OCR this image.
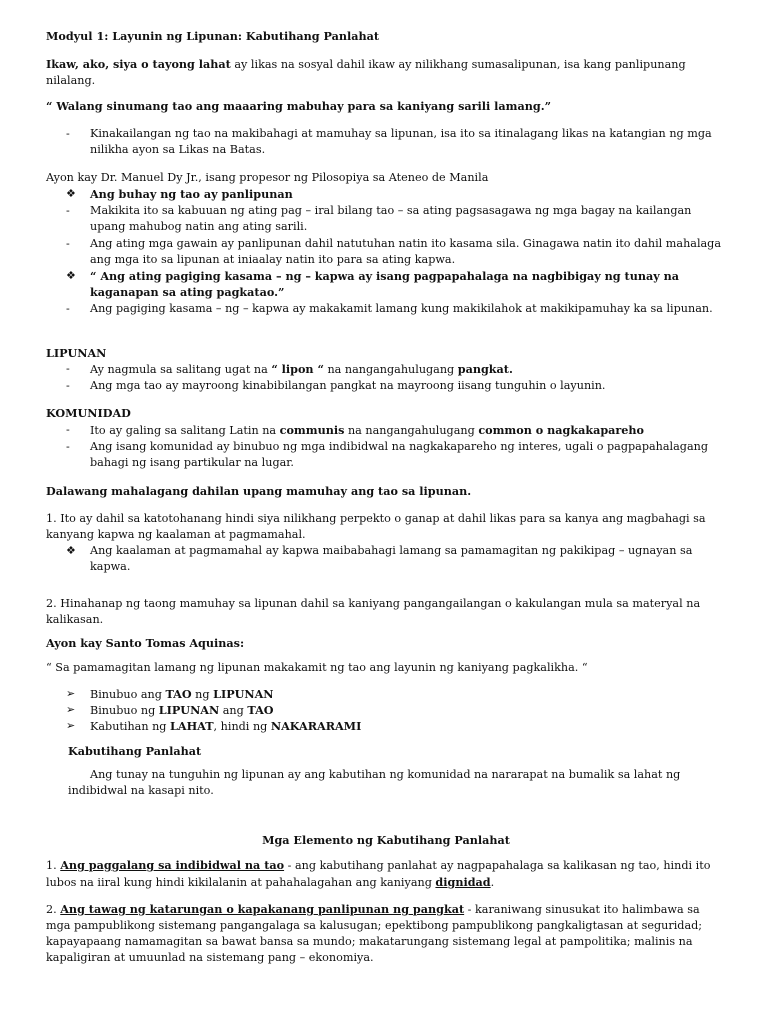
Modyul 1: Layunin ng Lipunan: Kabutihang Panlahat

Ikaw, ako, siya o tayong lahat ay likas na sosyal dahil ikaw ay nilikhang sumasalipunan, isa kang panlipunang nilalang.

“ Walang sinumang tao ang maaaring mabuhay para sa kaniyang sarili lamang.”

-	Kinakailangan ng tao na makibahagi at mamuhay sa lipunan, isa ito sa itinalagang likas na katangian ng mga nilikha ayon sa Likas na Batas.

Ayon kay Dr. Manuel Dy Jr., isang propesor ng Pilosopiya sa Ateneo de Manila

❖	Ang buhay ng tao ay panlipunan
-	Makikita ito sa kabuuan ng ating pag – iral bilang tao – sa ating pagsasagawa ng mga bagay na kailangan upang mahubog natin ang ating sarili.
-	Ang ating mga gawain ay panlipunan dahil natutuhan natin ito kasama sila. Ginagawa natin ito dahil mahalaga ang mga ito sa lipunan at iniaalay natin ito para sa ating kapwa.
❖	“ Ang ating pagiging kasama – ng – kapwa ay isang pagpapahalaga na nagbibigay ng tunay na kaganapan sa ating pagkatao.”
-	Ang pagiging kasama – ng – kapwa ay makakamit lamang kung makikilahok at makikipamuhay ka sa lipunan.

LIPUNAN

-	Ay nagmula sa salitang ugat na “ lipon “ na nangangahulugang pangkat.
-	Ang mga tao ay mayroong kinabibilangan pangkat na mayroong iisang tunguhin o layunin.

KOMUNIDAD

-	Ito ay galing sa salitang Latin na communis na nangangahulugang common o nagkakapareho
-	Ang isang komunidad ay binubuo ng mga indibidwal na nagkakapareho ng interes, ugali o pagpapahalagang bahagi ng isang partikular na lugar.

Dalawang mahalagang dahilan upang mamuhay ang tao sa lipunan.

1. Ito ay dahil sa katotohanang hindi siya nilikhang perpekto o ganap at dahil likas para sa kanya ang magbahagi sa kanyang kapwa ng kaalaman at pagmamahal.

❖	Ang kaalaman at pagmamahal ay kapwa maibabahagi lamang sa pamamagitan ng pakikipag – ugnayan sa kapwa.

2. Hinahanap ng taong mamuhay sa lipunan dahil sa kaniyang pangangailangan o kakulangan mula sa materyal na kalikasan.

Ayon kay Santo Tomas Aquinas:

“ Sa pamamagitan lamang ng lipunan makakamit ng tao ang layunin ng kaniyang pagkalikha. “

➢	Binubuo ang TAO ng LIPUNAN
➢	Binubuo ng LIPUNAN ang TAO
➢	Kabutihan ng LAHAT, hindi ng NAKARARAMI

Kabutihang Panlahat

Ang tunay na tunguhin ng lipunan ay ang kabutihan ng komunidad na nararapat na bumalik sa lahat ng indibidwal na kasapi nito.

Mga Elemento ng Kabutihang Panlahat

1. Ang paggalang sa indibidwal na tao - ang kabutihang panlahat ay nagpapahalaga sa kalikasan ng tao, hindi ito lubos na iiral kung hindi kikilalanin at pahahalagahan ang kaniyang dignidad.

2. Ang tawag ng katarungan o kapakanang panlipunan ng pangkat - karaniwang sinusukat ito halimbawa sa mga pampublikong sistemang pangangalaga sa kalusugan; epektibong pampublikong pangkaligtasan at seguridad; kapayapaang namamagitan sa bawat bansa sa mundo; makatarungang sistemang legal at pampolitika; malinis na kapaligiran at umuunlad na sistemang pang – ekonomiya.
